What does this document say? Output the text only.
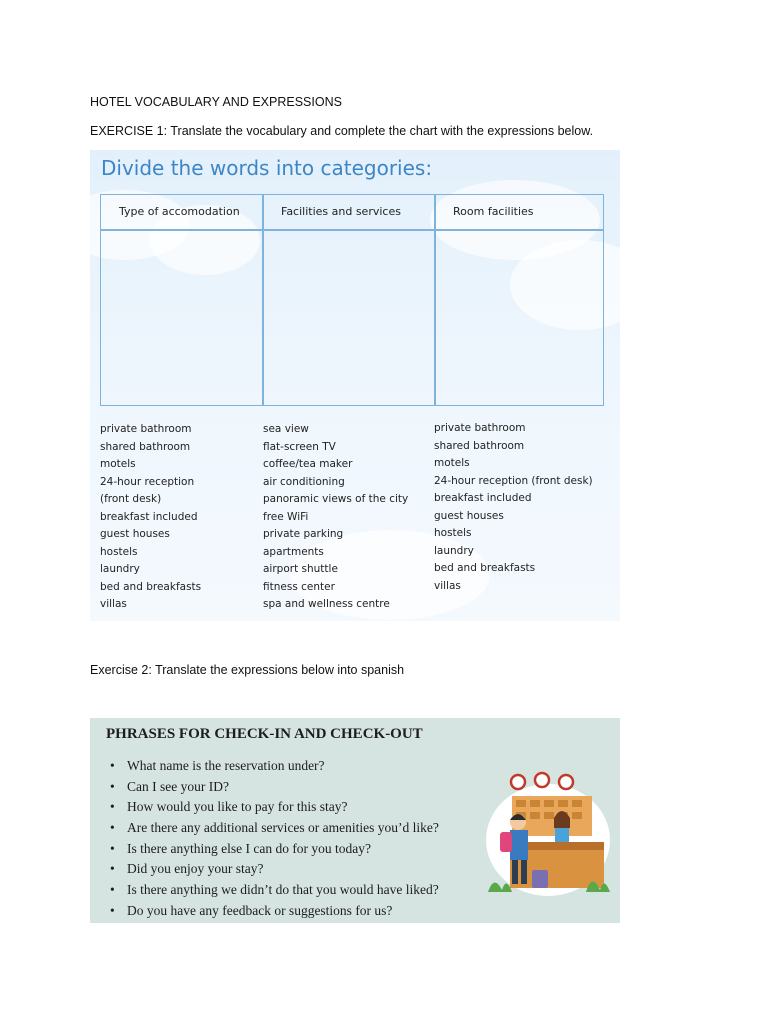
HOTEL VOCABULARY AND EXPRESSIONS
EXERCISE 1: Translate the vocabulary and complete the chart with the expressions below.
Divide the words into categories:
Type of accomodation	Facilities and services	Room facilities
private bathroom
shared bathroom
motels
24-hour reception
(front desk)
breakfast included
guest houses
hostels
laundry
bed and breakfasts
villas
sea view
flat-screen TV
coffee/tea maker
air conditioning
panoramic views of the city
free WiFi
private parking
apartments
airport shuttle
fitness center
spa and wellness centre
private bathroom
shared bathroom
motels
24-hour reception (front desk)
breakfast included
guest houses
hostels
laundry
bed and breakfasts
villas
Exercise 2: Translate the expressions below into spanish
PHRASES FOR CHECK-IN AND CHECK-OUT
• What name is the reservation under?
• Can I see your ID?
• How would you like to pay for this stay?
• Are there any additional services or amenities you’d like?
• Is there anything else I can do for you today?
• Did you enjoy your stay?
• Is there anything we didn’t do that you would have liked?
• Do you have any feedback or suggestions for us?
